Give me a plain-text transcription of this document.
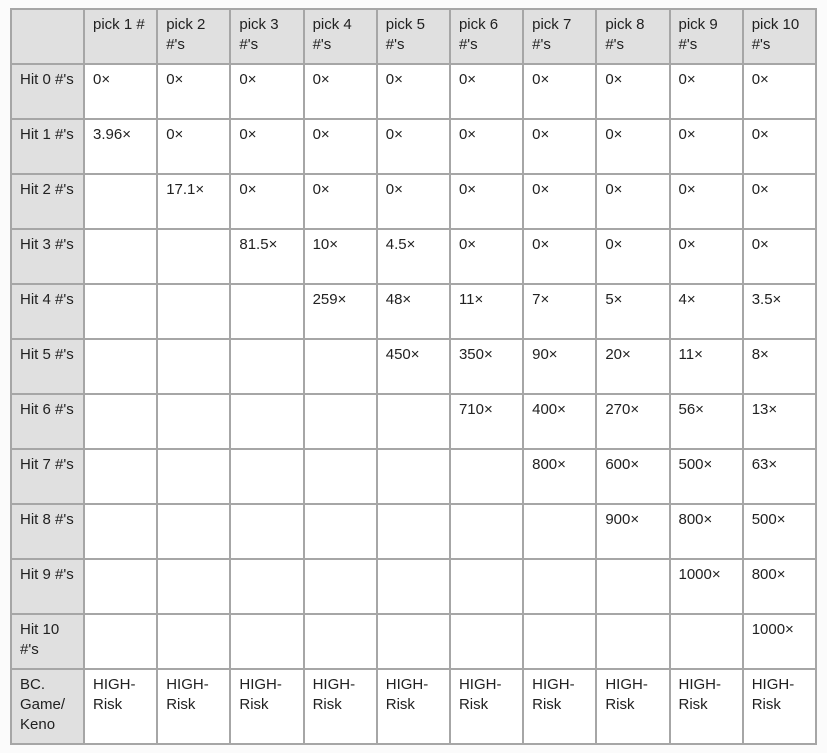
	pick 1 #	pick 2 #'s	pick 3 #'s	pick 4 #'s	pick 5 #'s	pick 6 #'s	pick 7 #'s	pick 8 #'s	pick 9 #'s	pick 10 #'s
Hit 0 #'s	0×	0×	0×	0×	0×	0×	0×	0×	0×	0×
Hit 1 #'s	3.96×	0×	0×	0×	0×	0×	0×	0×	0×	0×
Hit 2 #'s		17.1×	0×	0×	0×	0×	0×	0×	0×	0×
Hit 3 #'s			81.5×	10×	4.5×	0×	0×	0×	0×	0×
Hit 4 #'s				259×	48×	11×	7×	5×	4×	3.5×
Hit 5 #'s					450×	350×	90×	20×	11×	8×
Hit 6 #'s						710×	400×	270×	56×	13×
Hit 7 #'s							800×	600×	500×	63×
Hit 8 #'s								900×	800×	500×
Hit 9 #'s									1000×	800×
Hit 10 #'s										1000×
BC. Game/​Keno	HIGH-Risk	HIGH-Risk	HIGH-Risk	HIGH-Risk	HIGH-Risk	HIGH-Risk	HIGH-Risk	HIGH-Risk	HIGH-Risk	HIGH-Risk
